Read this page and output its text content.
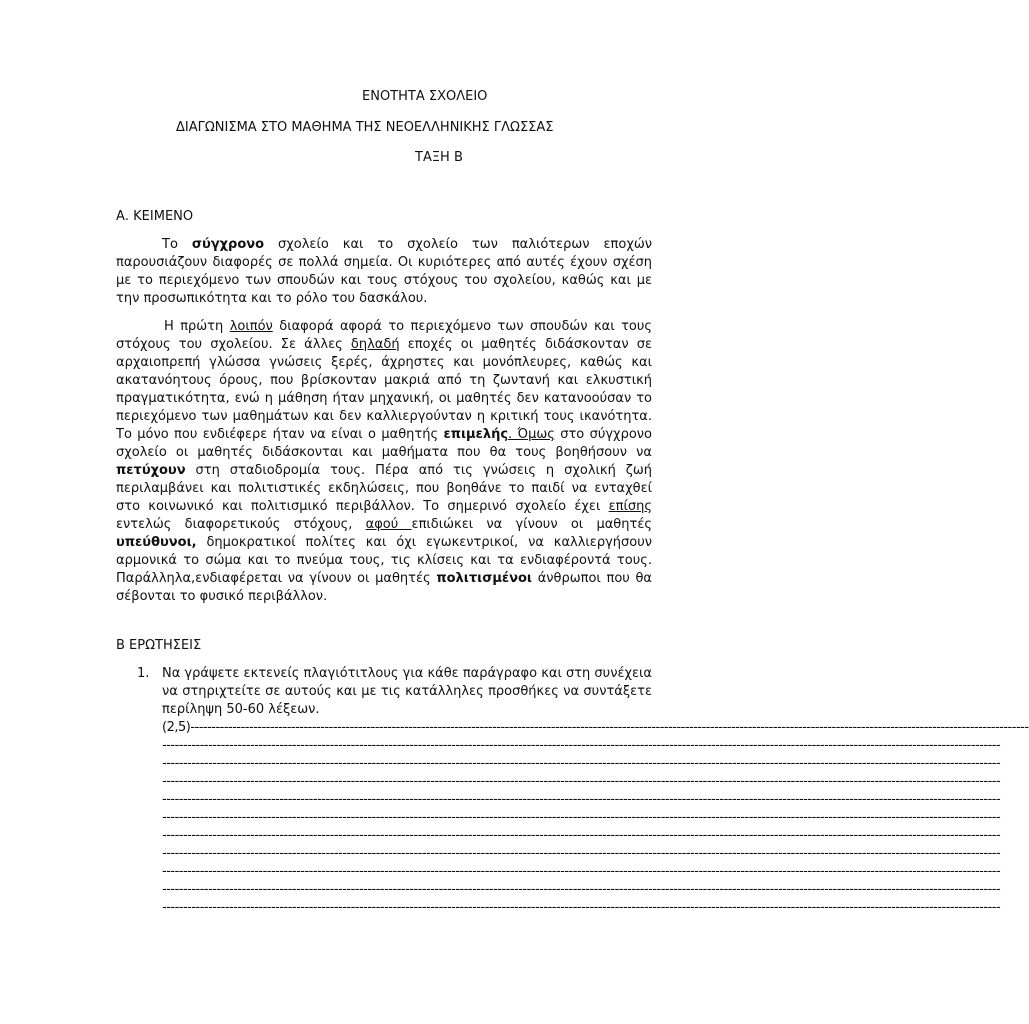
ΕΝΟΤΗΤΑ ΣΧΟΛΕΙΟ
ΔΙΑΓΩΝΙΣΜΑ ΣΤΟ ΜΑΘΗΜΑ ΤΗΣ ΝΕΟΕΛΛΗΝΙΚΗΣ ΓΛΩΣΣΑΣ
ΤΑΞΗ Β
Α. ΚΕΙΜΕΝΟ

Το σύγχρονο σχολείο και το σχολείο των παλιότερων εποχών παρουσιάζουν διαφορές σε πολλά σημεία. Οι κυριότερες από αυτές έχουν σχέση με το περιεχόμενο των σπουδών και τους στόχους του σχολείου, καθώς και με την προσωπικότητα και το ρόλο του δασκάλου.

Η πρώτη λοιπόν διαφορά αφορά το περιεχόμενο των σπουδών και τους στόχους του σχολείου. Σε άλλες δηλαδή εποχές οι μαθητές διδάσκονταν σε αρχαιοπρεπή γλώσσα γνώσεις ξερές, άχρηστες και μονόπλευρες, καθώς και ακατανόητους όρους, που βρίσκονταν μακριά από τη ζωντανή και ελκυστική πραγματικότητα, ενώ η μάθηση ήταν μηχανική, οι μαθητές δεν κατανοούσαν το περιεχόμενο των μαθημάτων και δεν καλλιεργούνταν η κριτική τους ικανότητα. Το μόνο που ενδιέφερε ήταν να είναι ο μαθητής επιμελής. Όμως στο σύγχρονο σχολείο οι μαθητές διδάσκονται και μαθήματα που θα τους βοηθήσουν να πετύχουν στη σταδιοδρομία τους. Πέρα από τις γνώσεις η σχολική ζωή περιλαμβάνει και πολιτιστικές εκδηλώσεις, που βοηθάνε το παιδί να ενταχθεί στο κοινωνικό και πολιτισμικό περιβάλλον. Το σημερινό σχολείο έχει επίσης εντελώς διαφορετικούς στόχους, αφού επιδιώκει να γίνουν οι μαθητές υπεύθυνοι, δημοκρατικοί πολίτες και όχι εγωκεντρικοί, να καλλιεργήσουν αρμονικά το σώμα και το πνεύμα τους, τις κλίσεις και τα ενδιαφέροντά τους. Παράλληλα,ενδιαφέρεται να γίνουν οι μαθητές πολιτισμένοι άνθρωποι που θα σέβονται το φυσικό περιβάλλον.

Β ΕΡΩΤΗΣΕΙΣ
1. Να γράψετε εκτενείς πλαγιότιτλους για κάθε παράγραφο και στη συνέχεια να στηριχτείτε σε αυτούς και με τις κατάλληλες προσθήκες να συντάξετε περίληψη 50-60 λέξεων.

(2,5)--------------------------------------------------------------------------------------------------------------------------------------------------------------------------------------------------------
--------------------------------------------------------------------------------------------------------------------------------------------------------------------------------------------------------
--------------------------------------------------------------------------------------------------------------------------------------------------------------------------------------------------------
--------------------------------------------------------------------------------------------------------------------------------------------------------------------------------------------------------
--------------------------------------------------------------------------------------------------------------------------------------------------------------------------------------------------------
--------------------------------------------------------------------------------------------------------------------------------------------------------------------------------------------------------
--------------------------------------------------------------------------------------------------------------------------------------------------------------------------------------------------------
--------------------------------------------------------------------------------------------------------------------------------------------------------------------------------------------------------
--------------------------------------------------------------------------------------------------------------------------------------------------------------------------------------------------------
--------------------------------------------------------------------------------------------------------------------------------------------------------------------------------------------------------
--------------------------------------------------------------------------------------------------------------------------------------------------------------------------------------------------------
